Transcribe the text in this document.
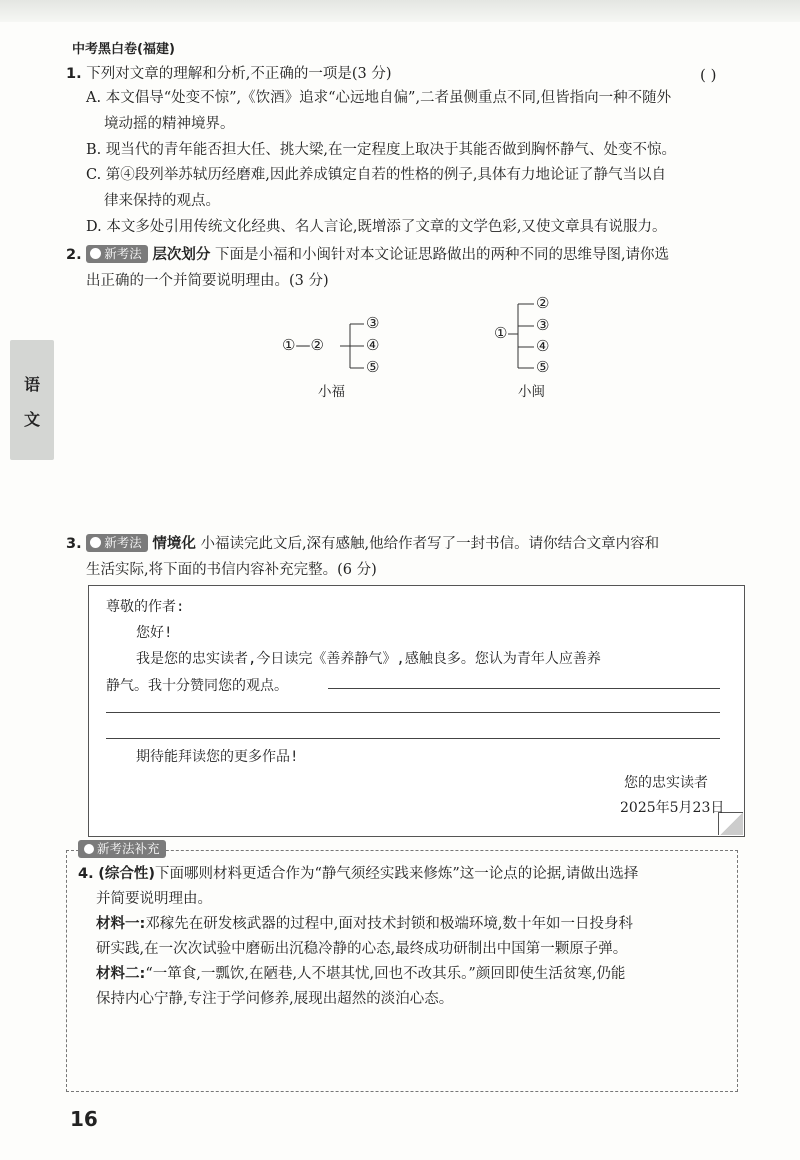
中考黑白卷(福建)
语
文
1. 下列对文章的理解和分析,不正确的一项是(3 分)	( )
A. 本文倡导“处变不惊”,《饮酒》追求“心远地自偏”,二者虽侧重点不同,但皆指向一种不随外
境动摇的精神境界。
B. 现当代的青年能否担大任、挑大梁,在一定程度上取决于其能否做到胸怀静气、处变不惊。
C. 第④段列举苏轼历经磨难,因此养成镇定自若的性格的例子,具体有力地论证了静气当以自
律来保持的观点。
D. 本文多处引用传统文化经典、名人言论,既增添了文章的文学色彩,又使文章具有说服力。
2. 新考法 层次划分 下面是小福和小闽针对本文论证思路做出的两种不同的思维导图,请你选
出正确的一个并简要说明理由。(3 分)
①—②
③
④
⑤
小福
①
②
③
④
⑤
小闽
3. 新考法 情境化 小福读完此文后,深有感触,他给作者写了一封书信。请你结合文章内容和
生活实际,将下面的书信内容补充完整。(6 分)
尊敬的作者:
您好!
我是您的忠实读者,今日读完《善养静气》,感触良多。您认为青年人应善养
静气。我十分赞同您的观点。
期待能拜读您的更多作品!
您的忠实读者
2025年5月23日
新考法补充
4. (综合性)下面哪则材料更适合作为“静气须经实践来修炼”这一论点的论据,请做出选择
并简要说明理由。
材料一:邓稼先在研发核武器的过程中,面对技术封锁和极端环境,数十年如一日投身科
研实践,在一次次试验中磨砺出沉稳冷静的心态,最终成功研制出中国第一颗原子弹。
材料二:“一箪食,一瓢饮,在陋巷,人不堪其忧,回也不改其乐。”颜回即使生活贫寒,仍能
保持内心宁静,专注于学问修养,展现出超然的淡泊心态。
16
